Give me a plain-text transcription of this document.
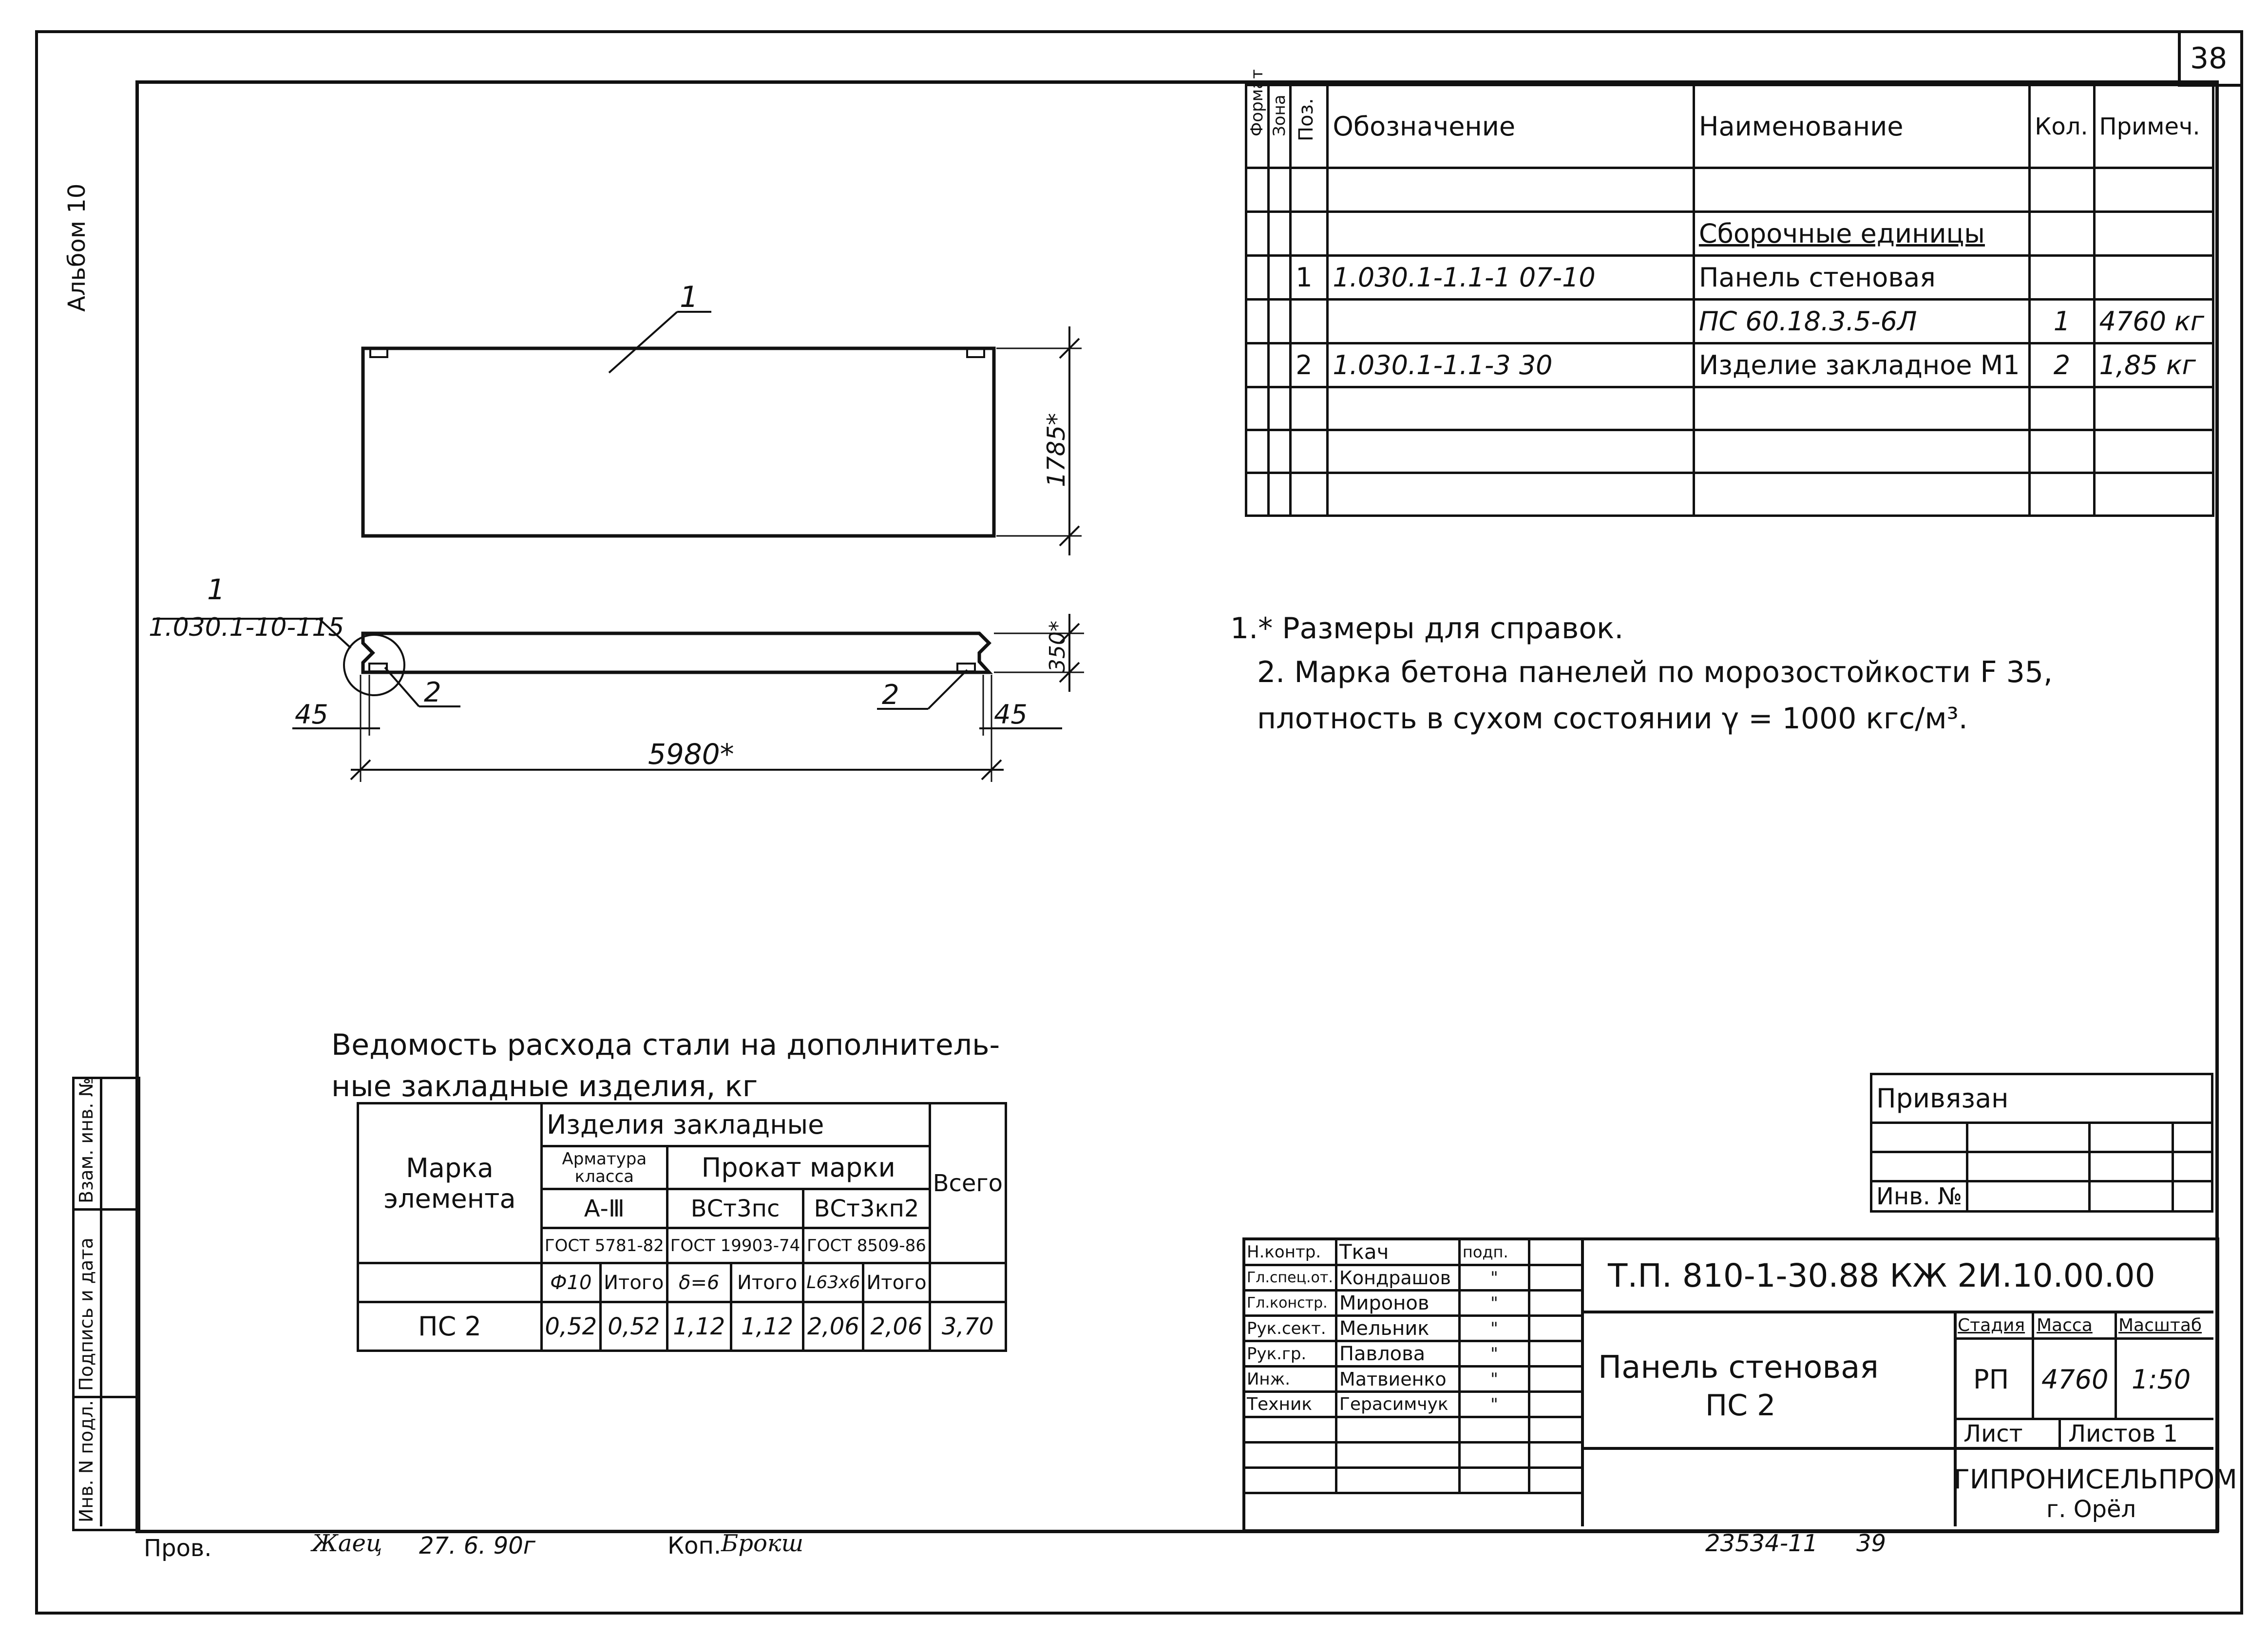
38
Альбом 10
Формат	Зона	Поз.	Обозначение	Наименование	Кол.	Примеч.

				Сборочные единицы		
		1	1.030.1-1.1-1 07-10	Панель стеновая		
				ПС 60.18.3.5-6Л	1	4760 кг
		2	1.030.1-1.1-3 30	Изделие закладное М1	2	1,85 кг

1.* Размеры для справок.
2. Марка бетона панелей по морозостойкости F 35,
плотность в сухом состоянии γ = 1000 кгс/м³.
1
1
1.030.1-10-115
1785*
350*
5980*
45	45
2	2
Ведомость расхода стали на дополнитель-
ные закладные изделия, кг
Марка элемента	Изделия закладные						Всего
	Арматура класса		Прокат марки				
	А-Ⅲ		ВСт3пс		ВСт3кп2		
	ГОСТ 5781-82		ГОСТ 19903-74		ГОСТ 8509-86		
	Ф10	Итого	δ=6	Итого	L63х6	Итого	
ПС 2	0,52	0,52	1,12	1,12	2,06	2,06	3,70
Инв. N подл.
Подпись и дата
Взам. инв. №	Привязан			

Инв. №			
Н.контр.	Ткач	подп.	
Гл.спец.от.	Кондрашов	"	
Гл.констр.	Миронов	"	
Рук.сект.	Мельник	"	
Рук.гр.	Павлова	"	
Инж.	Матвиенко	"	
Техник	Герасимчук	"	

Т.П. 810-1-30.88 КЖ 2И.10.00.00
Панель стеновая
ПС 2
Стадия Масса Масштаб
РП 4760 1:50
Лист Листов 1
ГИПРОНИСЕЛЬПРОМ
г. Орёл
Пров.	Жаец 27. 6. 90г	Коп. Брокш	23534-11 39
